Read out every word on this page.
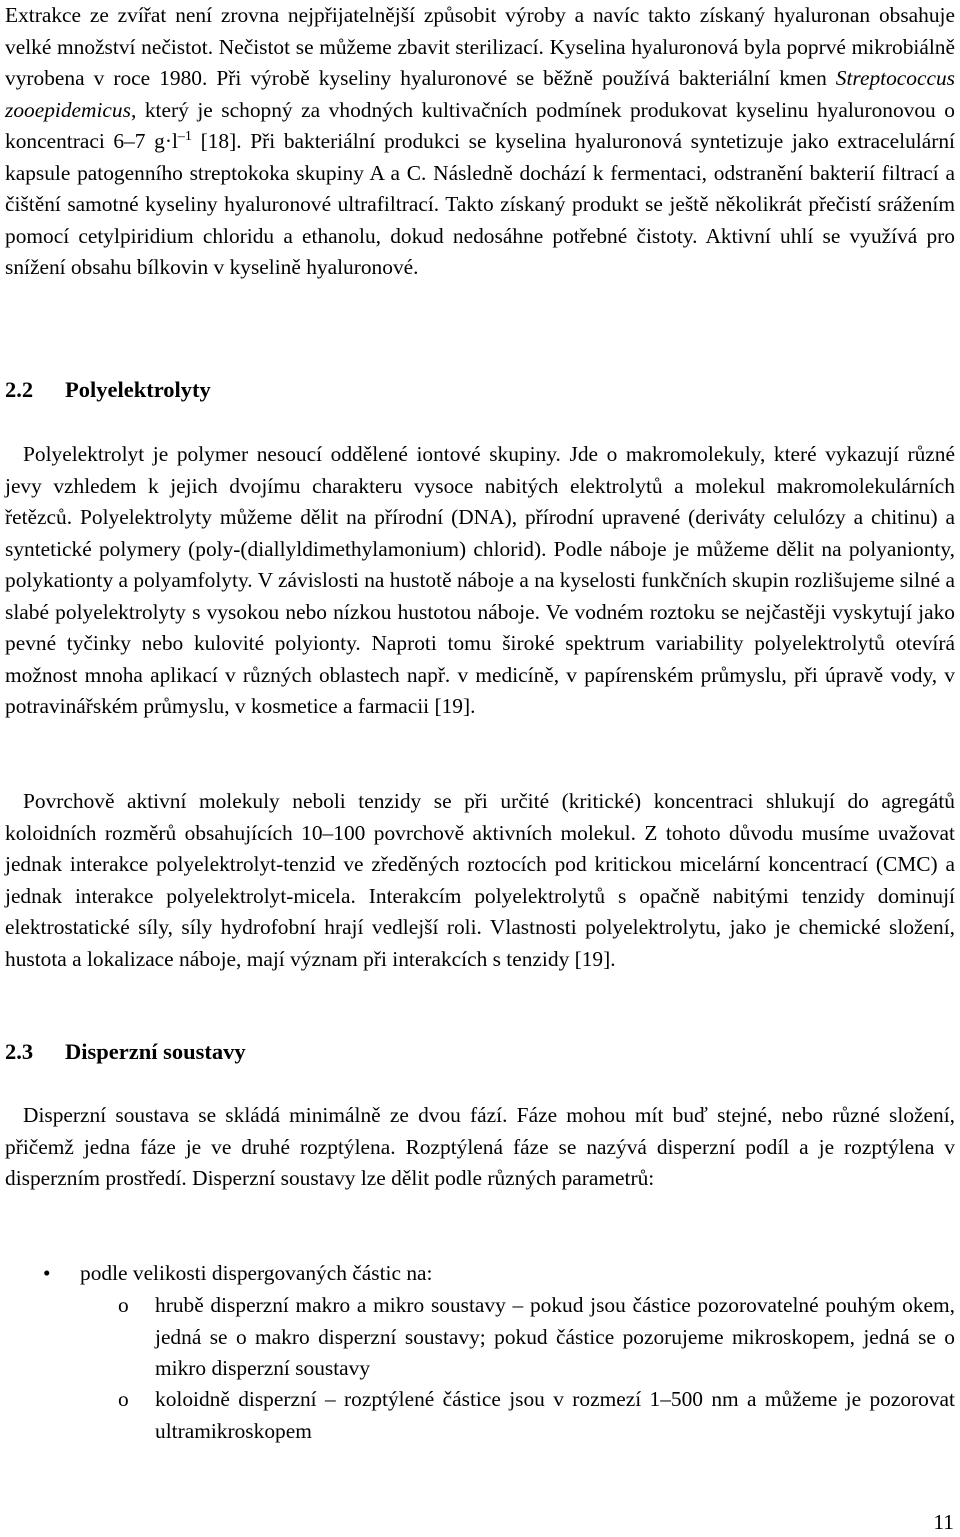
Extrakce ze zvířat není zrovna nejpřijatelnější způsobit výroby a navíc takto získaný hyaluronan obsahuje velké množství nečistot. Nečistot se můžeme zbavit sterilizací. Kyselina hyaluronová byla poprvé mikrobiálně vyrobena v roce 1980. Při výrobě kyseliny hyaluronové se běžně používá bakteriální kmen Streptococcus zooepidemicus, který je schopný za vhodných kultivačních podmínek produkovat kyselinu hyaluronovou o koncentraci 6–7 $g\cdot l^{-1}$ [18]. Při bakteriální produkci se kyselina hyaluronová syntetizuje jako extracelulární kapsule patogenního streptokoka skupiny A a C. Následně dochází k fermentaci, odstranění bakterií filtrací a čištění samotné kyseliny hyaluronové ultrafiltrací. Takto získaný produkt se ještě několikrát přečistí srážením pomocí cetylpiridium chloridu a ethanolu, dokud nedosáhne potřebné čistoty. Aktivní uhlí se využívá pro snížení obsahu bílkovin v kyselině hyaluronové.
2.2 Polyelektrolyty
Polyelektrolyt je polymer nesoucí oddělené iontové skupiny. Jde o makromolekuly, které vykazují různé jevy vzhledem k jejich dvojímu charakteru vysoce nabitých elektrolytů a molekul makromolekulárních řetězců. Polyelektrolyty můžeme dělit na přírodní (DNA), přírodní upravené (deriváty celulózy a chitinu) a syntetické polymery (poly-(diallyldimethylamonium) chlorid). Podle náboje je můžeme dělit na polyanionty, polykationty a polyamfolyty. V závislosti na hustotě náboje a na kyselosti funkčních skupin rozlišujeme silné a slabé polyelektrolyty s vysokou nebo nízkou hustotou náboje. Ve vodném roztoku se nejčastěji vyskytují jako pevné tyčinky nebo kulovité polyionty. Naproti tomu široké spektrum variability polyelektrolytů otevírá možnost mnoha aplikací v různých oblastech např. v medicíně, v papírenském průmyslu, při úpravě vody, v potravinářském průmyslu, v kosmetice a farmacii [19].
Povrchově aktivní molekuly neboli tenzidy se při určité (kritické) koncentraci shlukují do agregátů koloidních rozměrů obsahujících 10–100 povrchově aktivních molekul. Z tohoto důvodu musíme uvažovat jednak interakce polyelektrolyt-tenzid ve zředěných roztocích pod kritickou micelární koncentrací (CMC) a jednak interakce polyelektrolyt-micela. Interakcím polyelektrolytů s opačně nabitými tenzidy dominují elektrostatické síly, síly hydrofobní hrají vedlejší roli. Vlastnosti polyelektrolytu, jako je chemické složení, hustota a lokalizace náboje, mají význam při interakcích s tenzidy [19].
2.3 Disperzní soustavy
Disperzní soustava se skládá minimálně ze dvou fází. Fáze mohou mít buď stejné, nebo různé složení, přičemž jedna fáze je ve druhé rozptýlena. Rozptýlená fáze se nazývá disperzní podíl a je rozptýlena v disperzním prostředí. Disperzní soustavy lze dělit podle různých parametrů:
• podle velikosti dispergovaných částic na:
o hrubě disperzní makro a mikro soustavy – pokud jsou částice pozorovatelné pouhým okem, jedná se o makro disperzní soustavy; pokud částice pozorujeme mikroskopem, jedná se o mikro disperzní soustavy
o koloidně disperzní – rozptýlené částice jsou v rozmezí 1–500 nm a můžeme je pozorovat ultramikroskopem
11
